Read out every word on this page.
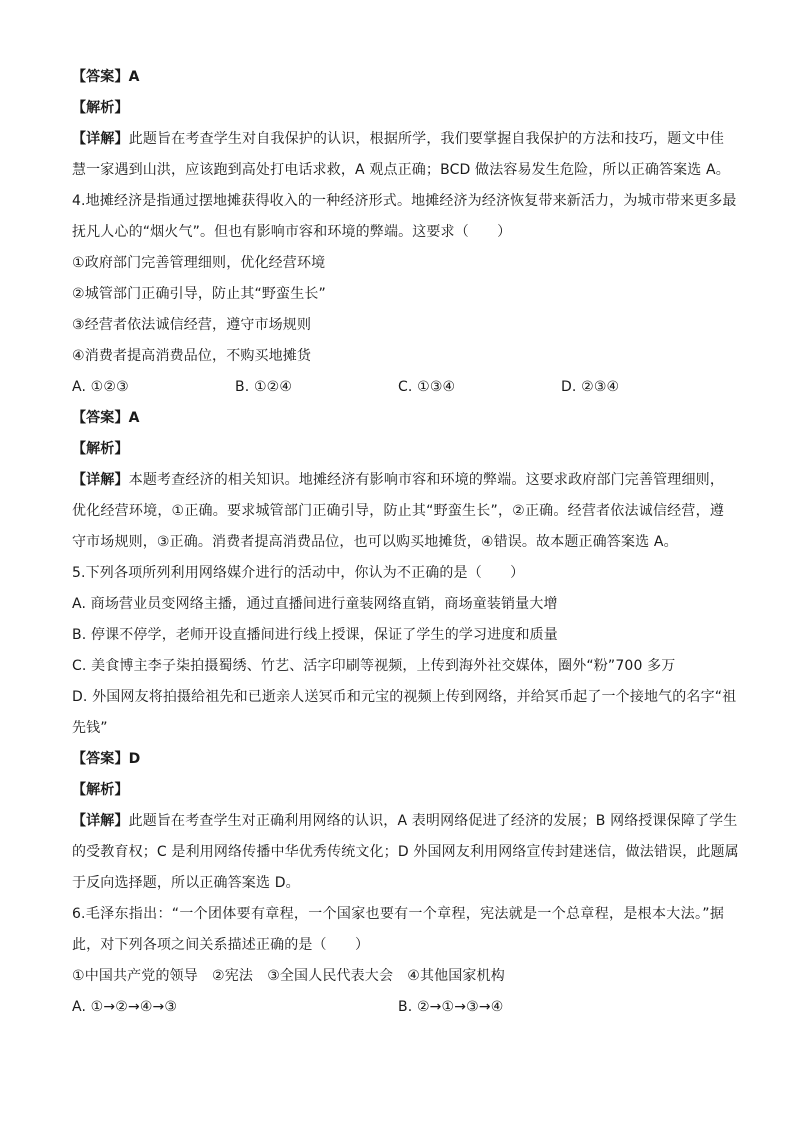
【答案】A
【解析】
【详解】此题旨在考查学生对自我保护的认识，根据所学，我们要掌握自我保护的方法和技巧，题文中佳
慧一家遇到山洪，应该跑到高处打电话求救，A 观点正确；BCD 做法容易发生危险，所以正确答案选 A。
4.地摊经济是指通过摆地摊获得收入的一种经济形式。地摊经济为经济恢复带来新活力，为城市带来更多最
抚凡人心的“烟火气”。但也有影响市容和环境的弊端。这要求（　　）
①政府部门完善管理细则，优化经营环境
②城管部门正确引导，防止其“野蛮生长”
③经营者依法诚信经营，遵守市场规则
④消费者提高消费品位，不购买地摊货
A. ①②③	B. ①②④	C. ①③④	D. ②③④
【答案】A
【解析】
【详解】本题考查经济的相关知识。地摊经济有影响市容和环境的弊端。这要求政府部门完善管理细则，
优化经营环境，①正确。要求城管部门正确引导，防止其“野蛮生长”，②正确。经营者依法诚信经营，遵
守市场规则，③正确。消费者提高消费品位，也可以购买地摊货，④错误。故本题正确答案选 A。
5.下列各项所列利用网络媒介进行的活动中，你认为不正确的是（　　）
A. 商场营业员变网络主播，通过直播间进行童装网络直销，商场童装销量大增
B. 停课不停学，老师开设直播间进行线上授课，保证了学生的学习进度和质量
C. 美食博主李子柒拍摄蜀绣、竹艺、活字印刷等视频，上传到海外社交媒体，圈外“粉”700 多万
D. 外国网友将拍摄给祖先和已逝亲人送冥币和元宝的视频上传到网络，并给冥币起了一个接地气的名字“祖
先钱”
【答案】D
【解析】
【详解】此题旨在考查学生对正确利用网络的认识，A 表明网络促进了经济的发展；B 网络授课保障了学生
的受教育权；C 是利用网络传播中华优秀传统文化；D 外国网友利用网络宣传封建迷信，做法错误，此题属
于反向选择题，所以正确答案选 D。
6.毛泽东指出：“一个团体要有章程，一个国家也要有一个章程，宪法就是一个总章程，是根本大法。”据
此，对下列各项之间关系描述正确的是（　　）
①中国共产党的领导　②宪法　③全国人民代表大会　④其他国家机构
A. ①→②→④→③	B. ②→①→③→④
